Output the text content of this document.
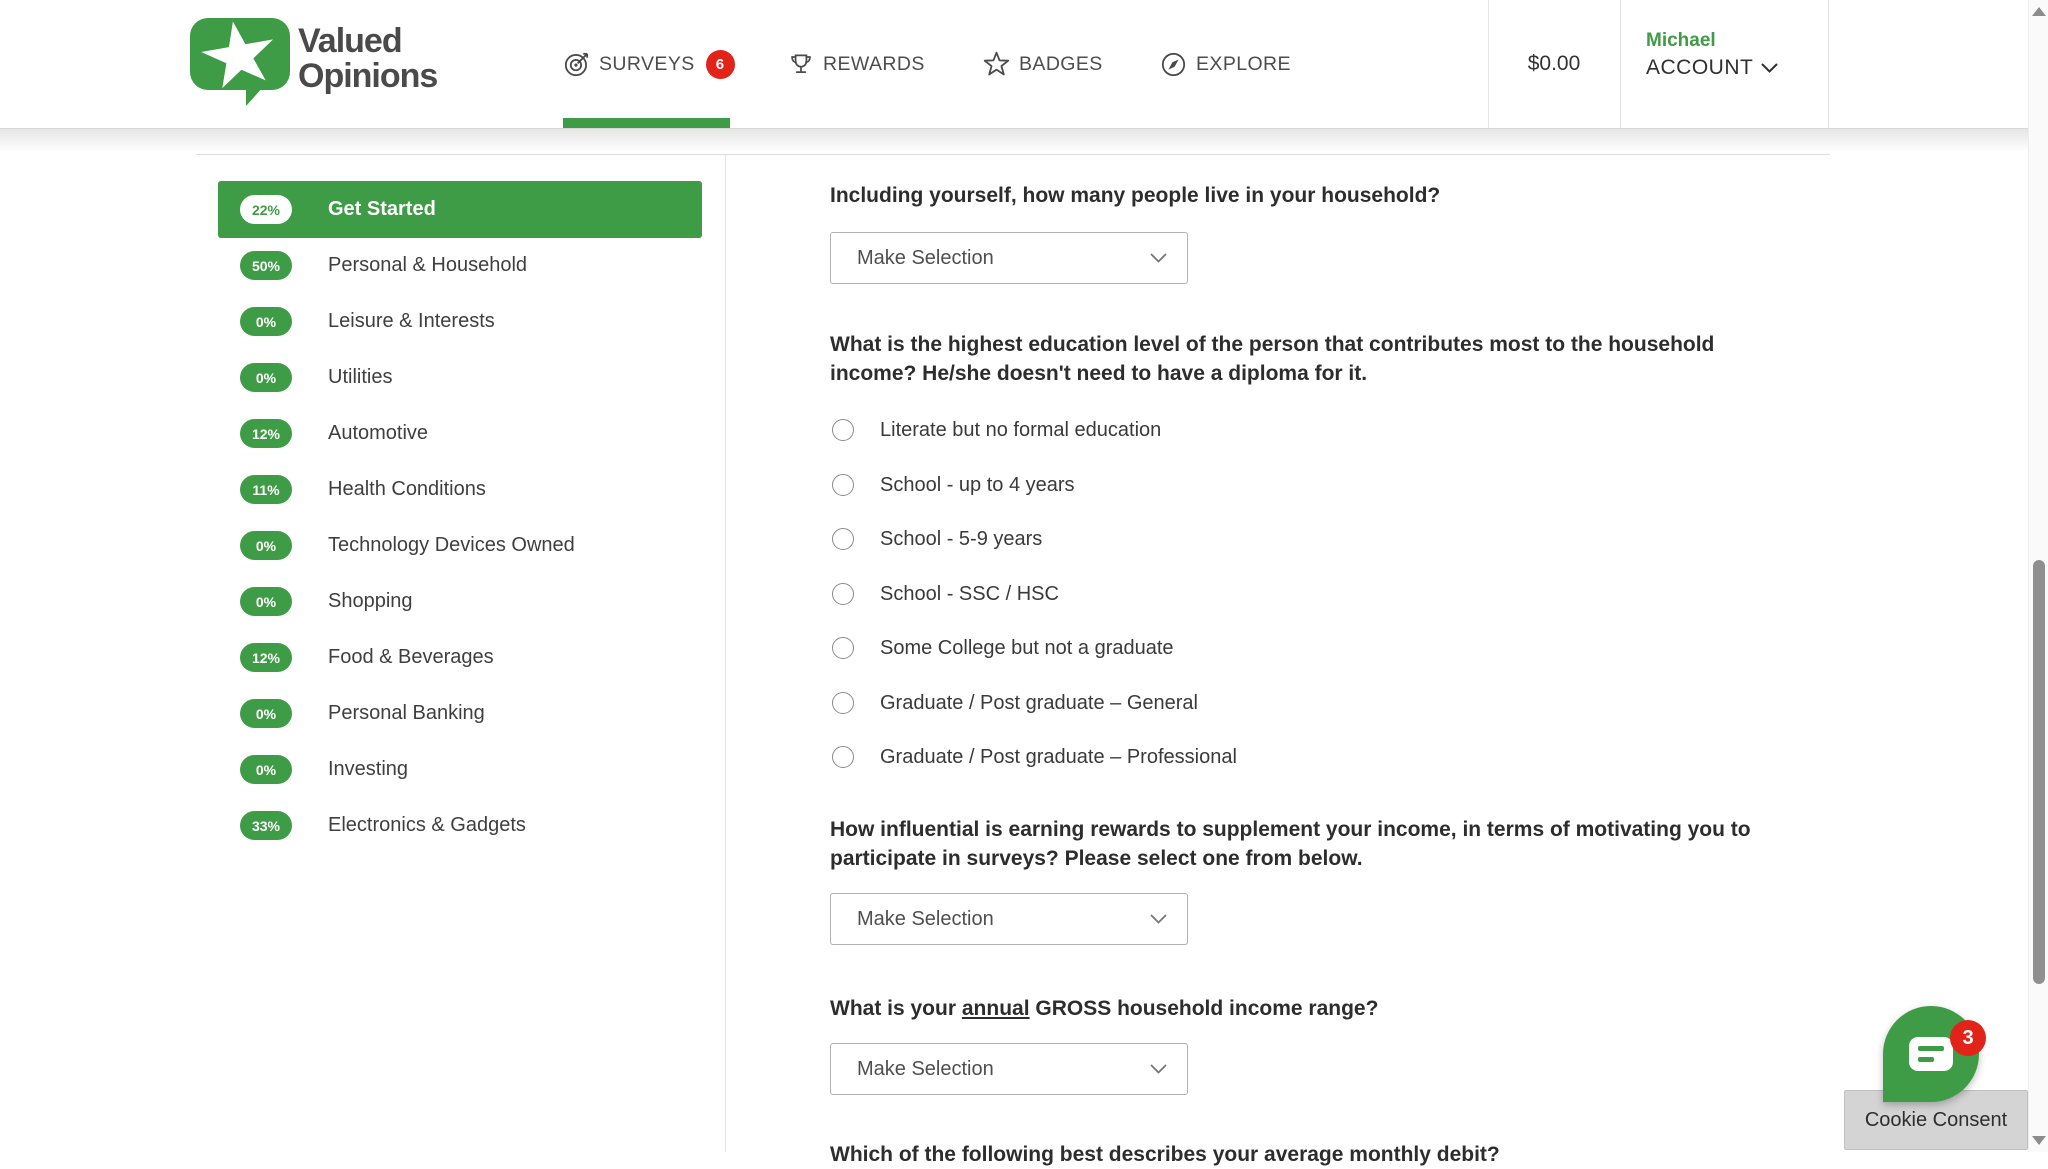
Valued
Opinions	SURVEYS	6	REWARDS	BADGES	EXPLORE	$0.00
Michael
ACCOUNT
22%	Get Started
50%	Personal & Household
0%	Leisure & Interests
0%	Utilities
12%	Automotive
11%	Health Conditions
0%	Technology Devices Owned
0%	Shopping
12%	Food & Beverages
0%	Personal Banking
0%	Investing
33%	Electronics & Gadgets
Including yourself, how many people live in your household?
Make Selection
What is the highest education level of the person that contributes most to the household income? He/she doesn't need to have a diploma for it.
Literate but no formal education
School - up to 4 years
School - 5-9 years
School - SSC / HSC
Some College but not a graduate
Graduate / Post graduate – General
Graduate / Post graduate – Professional
How influential is earning rewards to supplement your income, in terms of motivating you to participate in surveys? Please select one from below.
Make Selection
What is your annual GROSS household income range?
Make Selection
Which of the following best describes your average monthly debit?
3
Cookie Consent
